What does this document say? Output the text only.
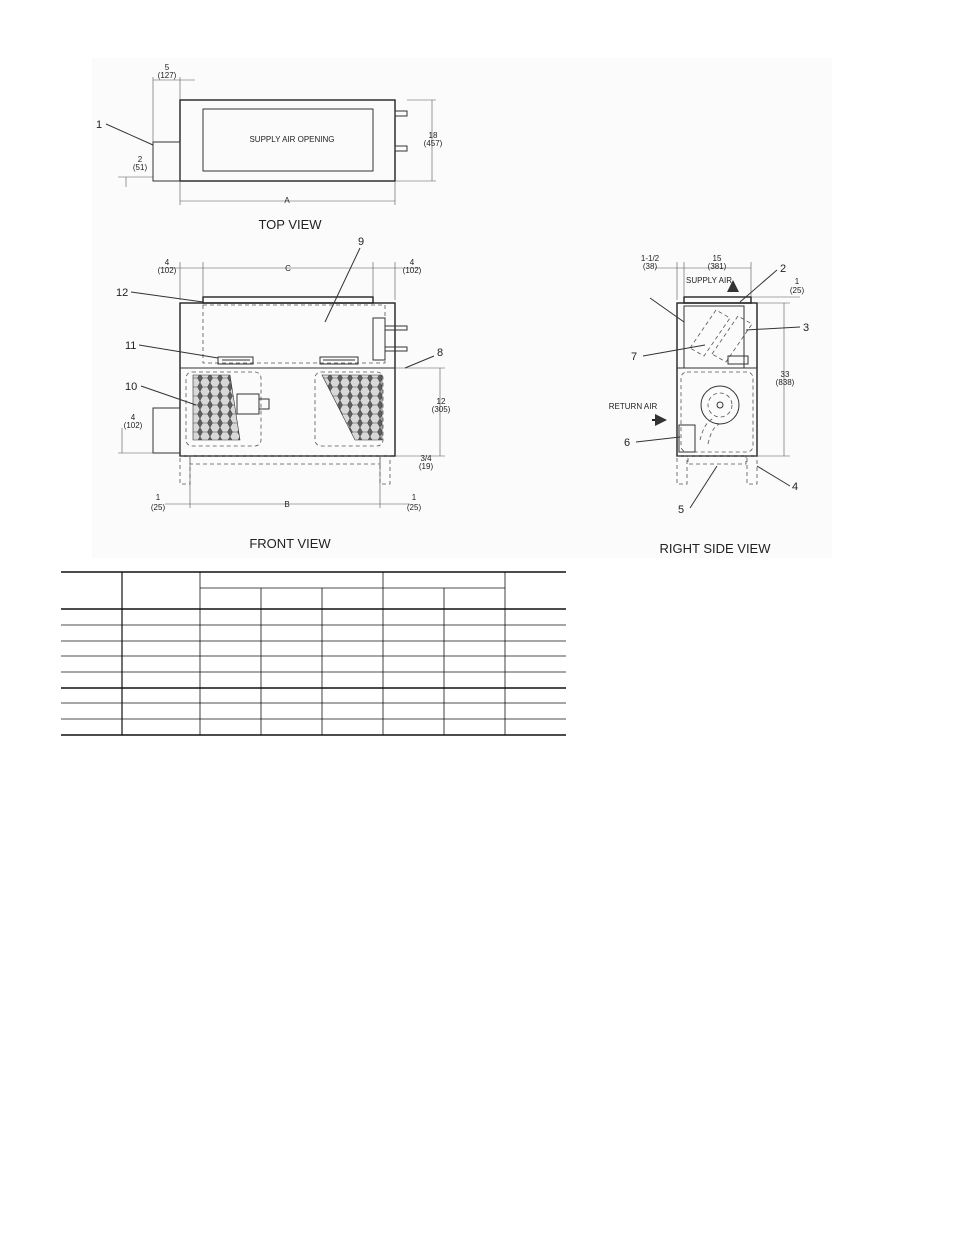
SUPPLY AIR OPENING
5
(127)
2
(51)
18
(457)
A
1
TOP VIEW
4
(102)	C
4
(102)
4
(102)
12
(305)
3/4
(19)
1
(25)	B
1
(25)
9
12
11
8
10
FRONT VIEW
SUPPLY AIR
RETURN AIR
1-1/2
(38)
15
(381)
1
(25)
33
(838)
2
3
7
6
5
4
RIGHT SIDE VIEW
